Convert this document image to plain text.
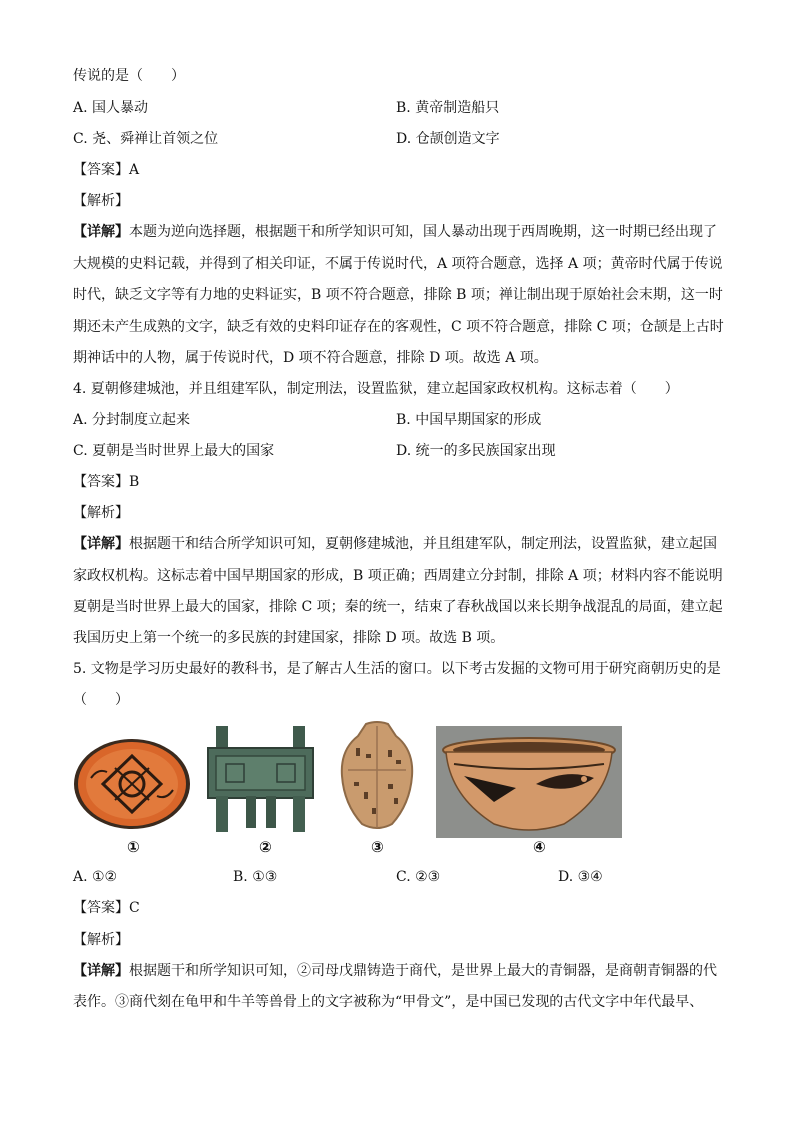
传说的是（　　）
A. 国人暴动	B. 黄帝制造船只
C. 尧、舜禅让首领之位	D. 仓颉创造文字
【答案】A
【解析】
【详解】本题为逆向选择题，根据题干和所学知识可知，国人暴动出现于西周晚期，这一时期已经出现了
大规模的史料记载，并得到了相关印证，不属于传说时代，A 项符合题意，选择 A 项；黄帝时代属于传说
时代，缺乏文字等有力地的史料证实，B 项不符合题意，排除 B 项；禅让制出现于原始社会末期，这一时
期还未产生成熟的文字，缺乏有效的史料印证存在的客观性，C 项不符合题意，排除 C 项；仓颉是上古时
期神话中的人物，属于传说时代，D 项不符合题意，排除 D 项。故选 A 项。
4. 夏朝修建城池，并且组建军队，制定刑法，设置监狱，建立起国家政权机构。这标志着（　　）
A. 分封制度立起来	B. 中国早期国家的形成
C. 夏朝是当时世界上最大的国家	D. 统一的多民族国家出现
【答案】B
【解析】
【详解】根据题干和结合所学知识可知，夏朝修建城池，并且组建军队，制定刑法，设置监狱，建立起国
家政权机构。这标志着中国早期国家的形成，B 项正确；西周建立分封制，排除 A 项；材料内容不能说明
夏朝是当时世界上最大的国家，排除 C 项；秦的统一，结束了春秋战国以来长期争战混乱的局面，建立起
我国历史上第一个统一的多民族的封建国家，排除 D 项。故选 B 项。
5. 文物是学习历史最好的教科书，是了解古人生活的窗口。以下考古发掘的文物可用于研究商朝历史的是
（　　）
①	②	③	④
A. ①②	B. ①③	C. ②③	D. ③④
【答案】C
【解析】
【详解】根据题干和所学知识可知，②司母戊鼎铸造于商代，是世界上最大的青铜器，是商朝青铜器的代
表作。③商代刻在龟甲和牛羊等兽骨上的文字被称为“甲骨文”，是中国已发现的古代文字中年代最早、
